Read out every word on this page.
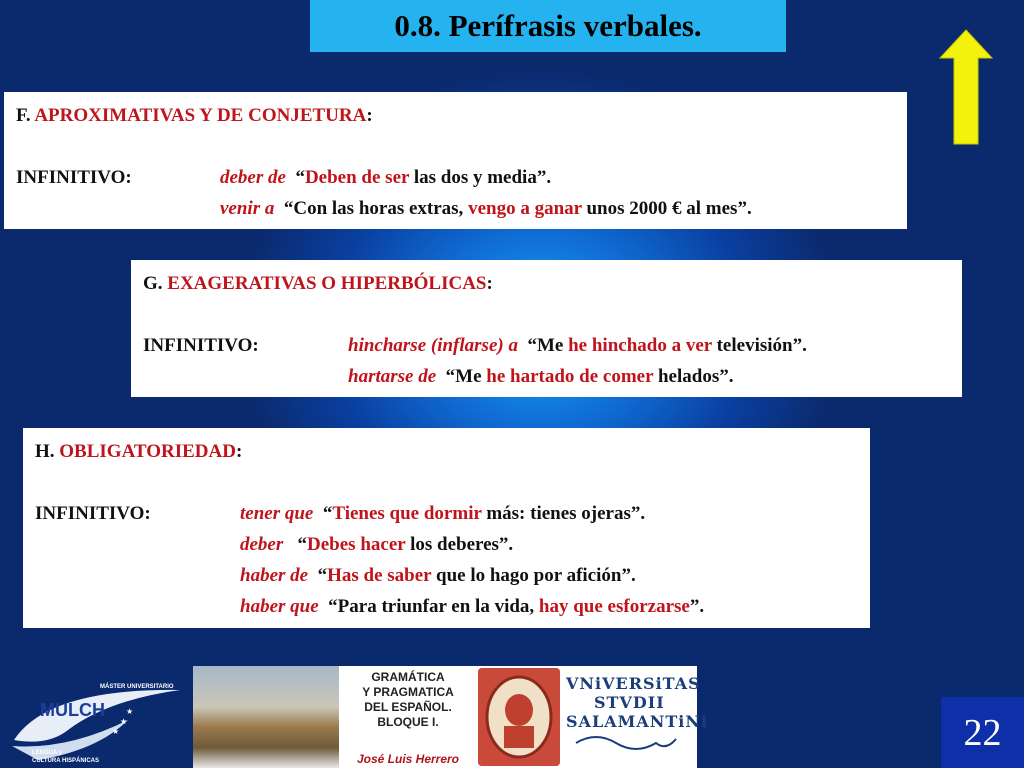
0.8. Perífrasis verbales.
F. APROXIMATIVAS Y DE CONJETURA:
INFINITIVO:	deber de “Deben de ser las dos y media”.
venir a “Con las horas extras, vengo a ganar unos 2000 € al mes”.
G. EXAGERATIVAS O HIPERBÓLICAS:
INFINITIVO:	hincharse (inflarse) a “Me he hinchado a ver televisión”.
hartarse de “Me he hartado de comer helados”.
H. OBLIGATORIEDAD:
INFINITIVO:	tener que “Tienes que dormir más: tienes ojeras”.
deber “Debes hacer los deberes”.
haber de “Has de saber que lo hago por afición”.
haber que “Para triunfar en la vida, hay que esforzarse”.
MÁSTER UNIVERSITARIO
MULCH	★
★
★
LENGUA y
CULTURA HISPÁNICAS
GRAMÁTICA
Y PRAGMATICA
DEL ESPAÑOL.
BLOQUE I.
José Luis Herrero
VNiVERSiTAS
STVDII
SALAMANTiNi	22
